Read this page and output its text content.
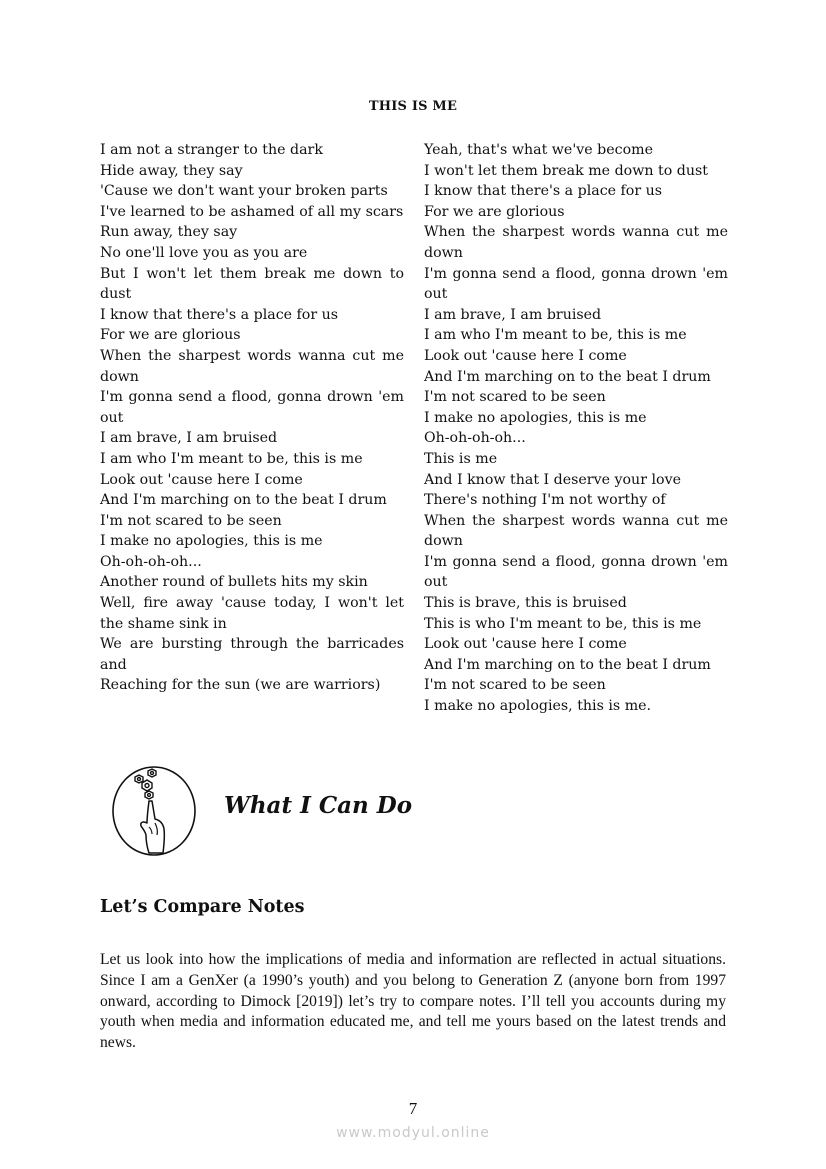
THIS IS ME
I am not a stranger to the dark
Hide away, they say
'Cause we don't want your broken parts
I've learned to be ashamed of all my scars
Run away, they say
No one'll love you as you are
But I won't let them break me down to dust
I know that there's a place for us
For we are glorious
When the sharpest words wanna cut me down
I'm gonna send a flood, gonna drown 'em out
I am brave, I am bruised
I am who I'm meant to be, this is me
Look out 'cause here I come
And I'm marching on to the beat I drum
I'm not scared to be seen
I make no apologies, this is me
Oh-oh-oh-oh...
Another round of bullets hits my skin
Well, fire away 'cause today, I won't let the shame sink in
We are bursting through the barricades and
Reaching for the sun (we are warriors)
Yeah, that's what we've become
I won't let them break me down to dust
I know that there's a place for us
For we are glorious
When the sharpest words wanna cut me down
I'm gonna send a flood, gonna drown 'em out
I am brave, I am bruised
I am who I'm meant to be, this is me
Look out 'cause here I come
And I'm marching on to the beat I drum
I'm not scared to be seen
I make no apologies, this is me
Oh-oh-oh-oh...
This is me
And I know that I deserve your love
There's nothing I'm not worthy of
When the sharpest words wanna cut me down
I'm gonna send a flood, gonna drown 'em out
This is brave, this is bruised
This is who I'm meant to be, this is me
Look out 'cause here I come
And I'm marching on to the beat I drum
I'm not scared to be seen
I make no apologies, this is me.
What I Can Do
Let’s Compare Notes
Let us look into how the implications of media and information are reflected in actual situations. Since I am a GenXer (a 1990’s youth) and you belong to Generation Z (anyone born from 1997 onward, according to Dimock [2019]) let’s try to compare notes. I’ll tell you accounts during my youth when media and information educated me, and tell me yours based on the latest trends and news.
7
www.modyul.online
